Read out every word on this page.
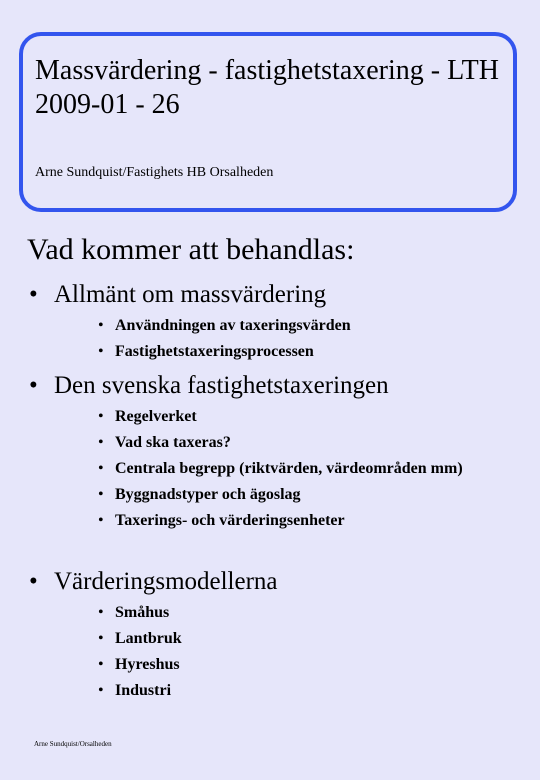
Massvärdering - fastighetstaxering - LTH 2009-01 - 26
Arne Sundquist/Fastighets HB Orsalheden
Vad kommer att behandlas:
• Allmänt om massvärdering
• Användningen av taxeringsvärden
• Fastighetstaxeringsprocessen
• Den svenska fastighetstaxeringen
• Regelverket
• Vad ska taxeras?
• Centrala begrepp (riktvärden, värdeområden mm)
• Byggnadstyper och ägoslag
• Taxerings- och värderingsenheter
• Värderingsmodellerna
• Småhus
• Lantbruk
• Hyreshus
• Industri
Arne Sundquist/Orsalheden
